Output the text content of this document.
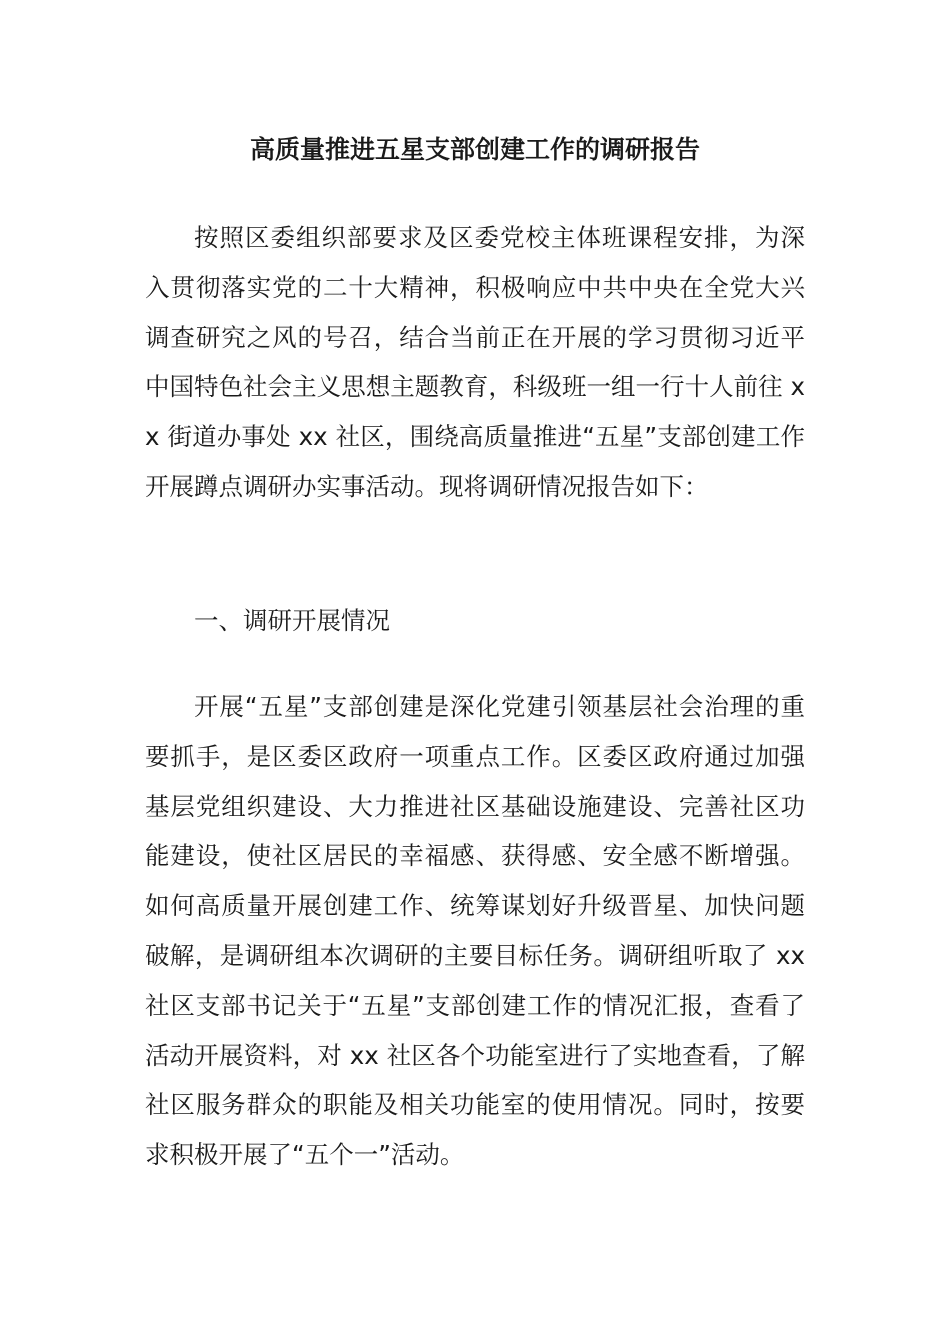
高质量推进五星支部创建工作的调研报告

按照区委组织部要求及区委党校主体班课程安排，为深入贯彻落实党的二十大精神，积极响应中共中央在全党大兴调查研究之风的号召，结合当前正在开展的学习贯彻习近平中国特色社会主义思想主题教育，科级班一组一行十人前往 xx 街道办事处 xx 社区，围绕高质量推进“五星”支部创建工作开展蹲点调研办实事活动。现将调研情况报告如下：

一、调研开展情况

开展“五星”支部创建是深化党建引领基层社会治理的重要抓手，是区委区政府一项重点工作。区委区政府通过加强基层党组织建设、大力推进社区基础设施建设、完善社区功能建设，使社区居民的幸福感、获得感、安全感不断增强。如何高质量开展创建工作、统筹谋划好升级晋星、加快问题破解，是调研组本次调研的主要目标任务。调研组听取了 xx 社区支部书记关于“五星”支部创建工作的情况汇报，查看了活动开展资料，对 xx 社区各个功能室进行了实地查看，了解社区服务群众的职能及相关功能室的使用情况。同时，按要求积极开展了“五个一”活动。
